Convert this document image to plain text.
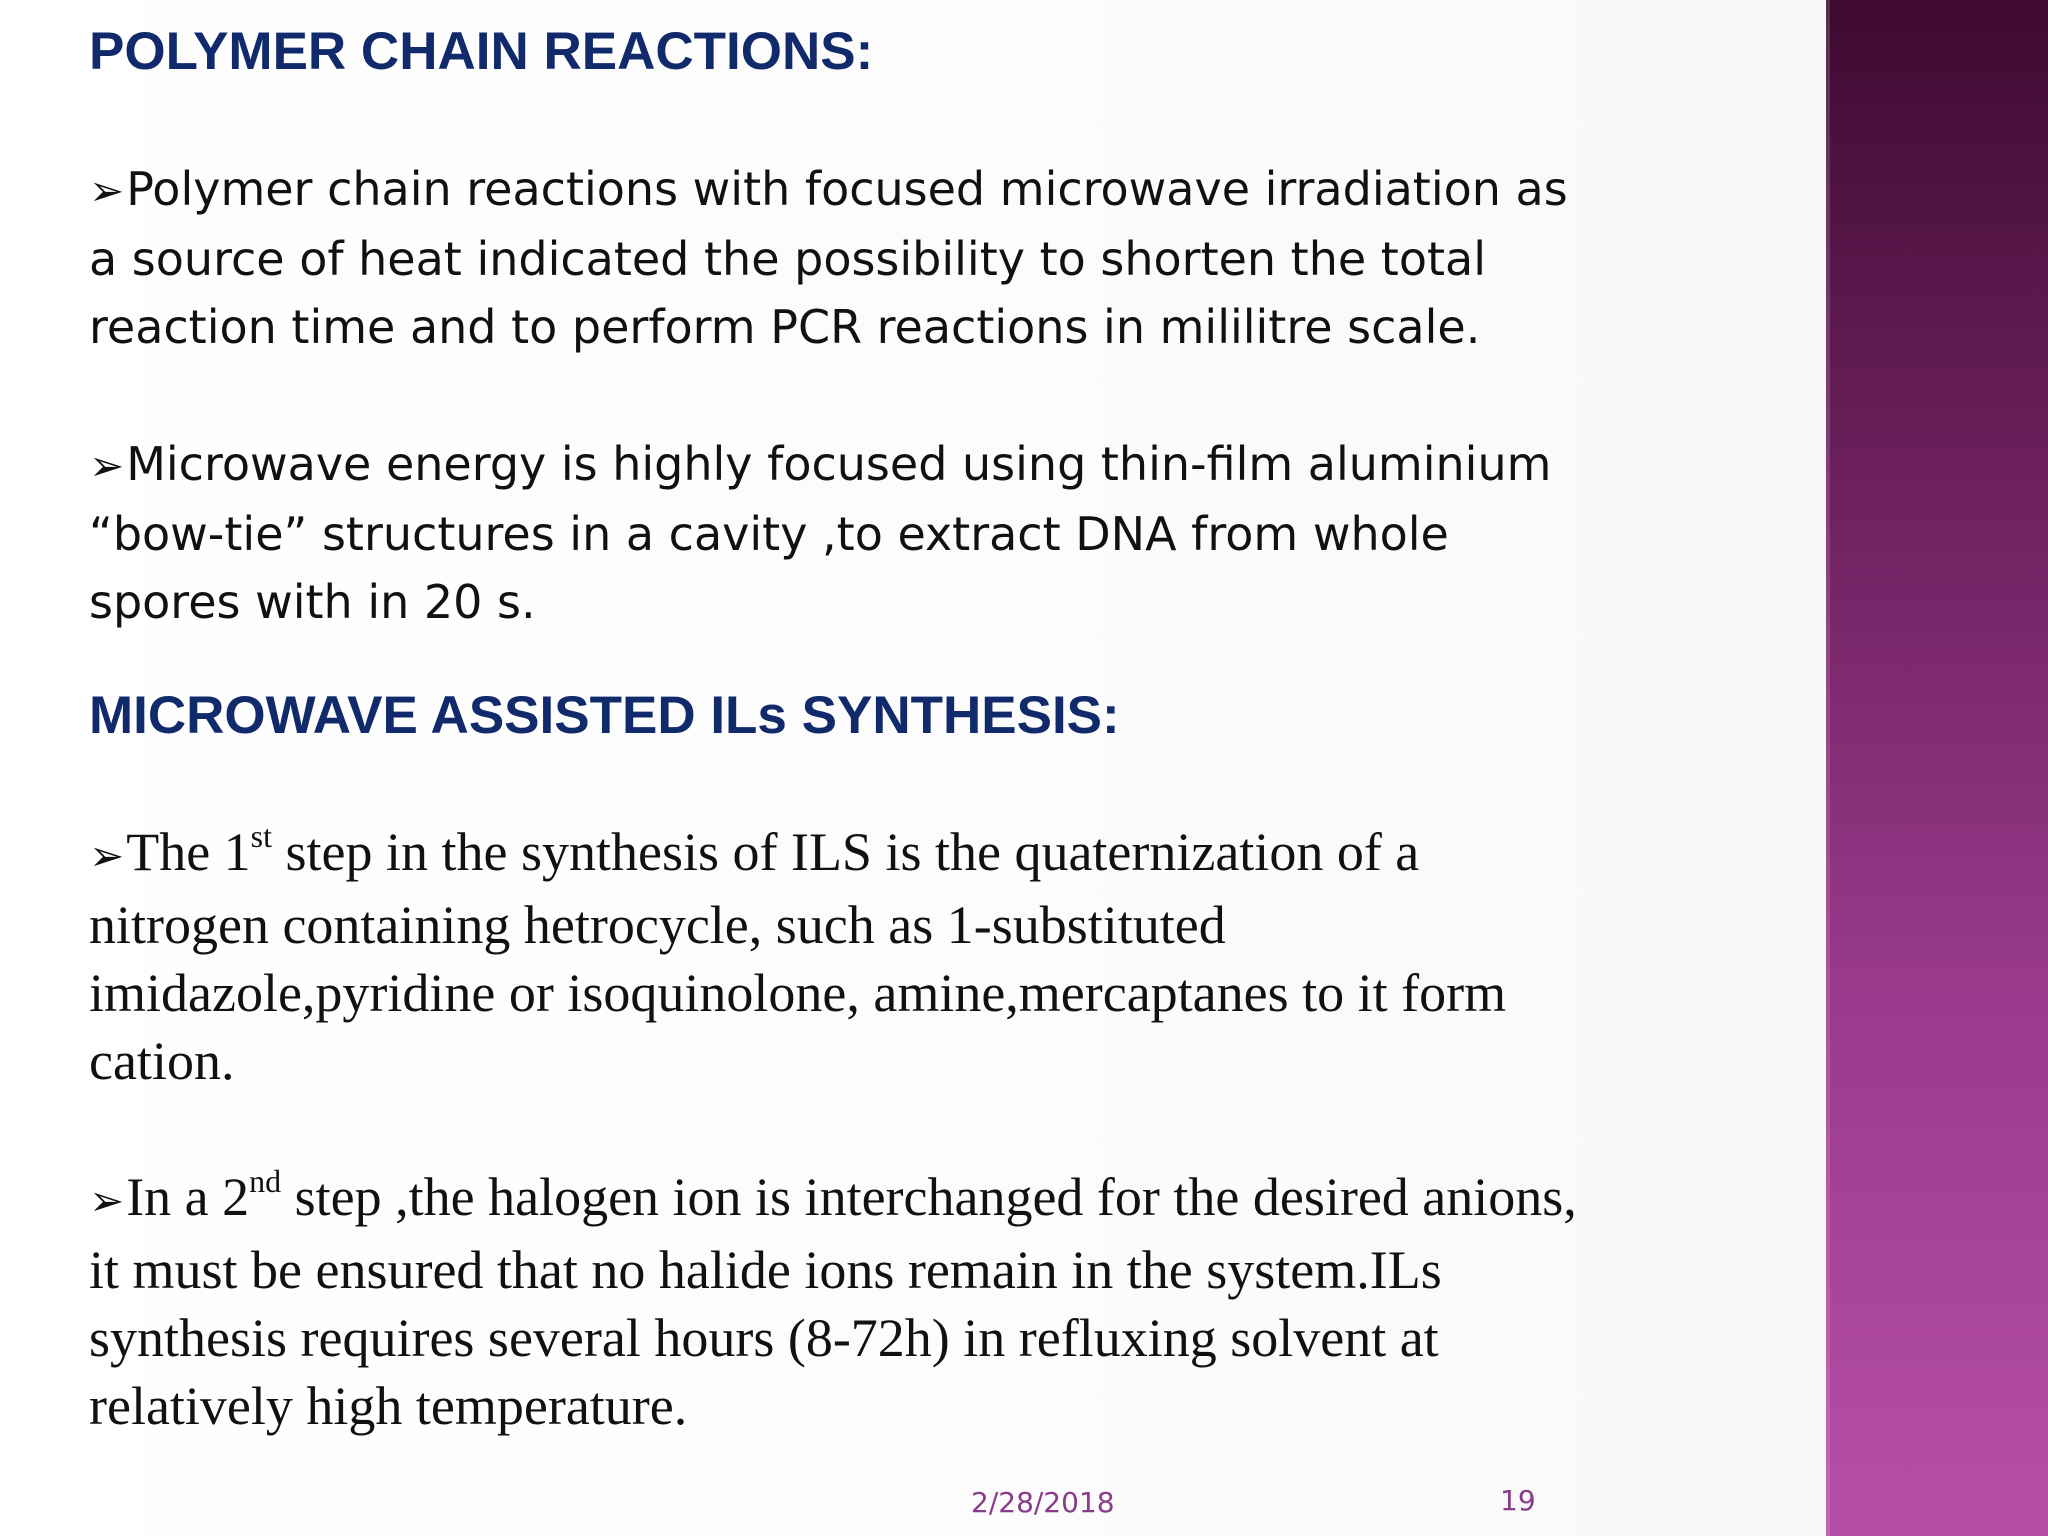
POLYMER CHAIN REACTIONS:

➢Polymer chain reactions with focused microwave irradiation as a source of heat indicated the possibility to shorten the total reaction time and to perform PCR reactions in mililitre scale.

➢Microwave energy is highly focused using thin-film aluminium “bow-tie” structures in a cavity ,to extract DNA from whole spores with in 20 s.

MICROWAVE ASSISTED ILs SYNTHESIS:

➢The 1st step in the synthesis of ILS is the quaternization of a nitrogen containing hetrocycle, such as 1-substituted imidazole,pyridine or isoquinolone, amine,mercaptanes to it form cation.

➢In a 2nd step ,the halogen ion is interchanged for the desired anions, it must be ensured that no halide ions remain in the system.ILs synthesis requires several hours (8-72h) in refluxing solvent at relatively high temperature.

2/28/2018	19
